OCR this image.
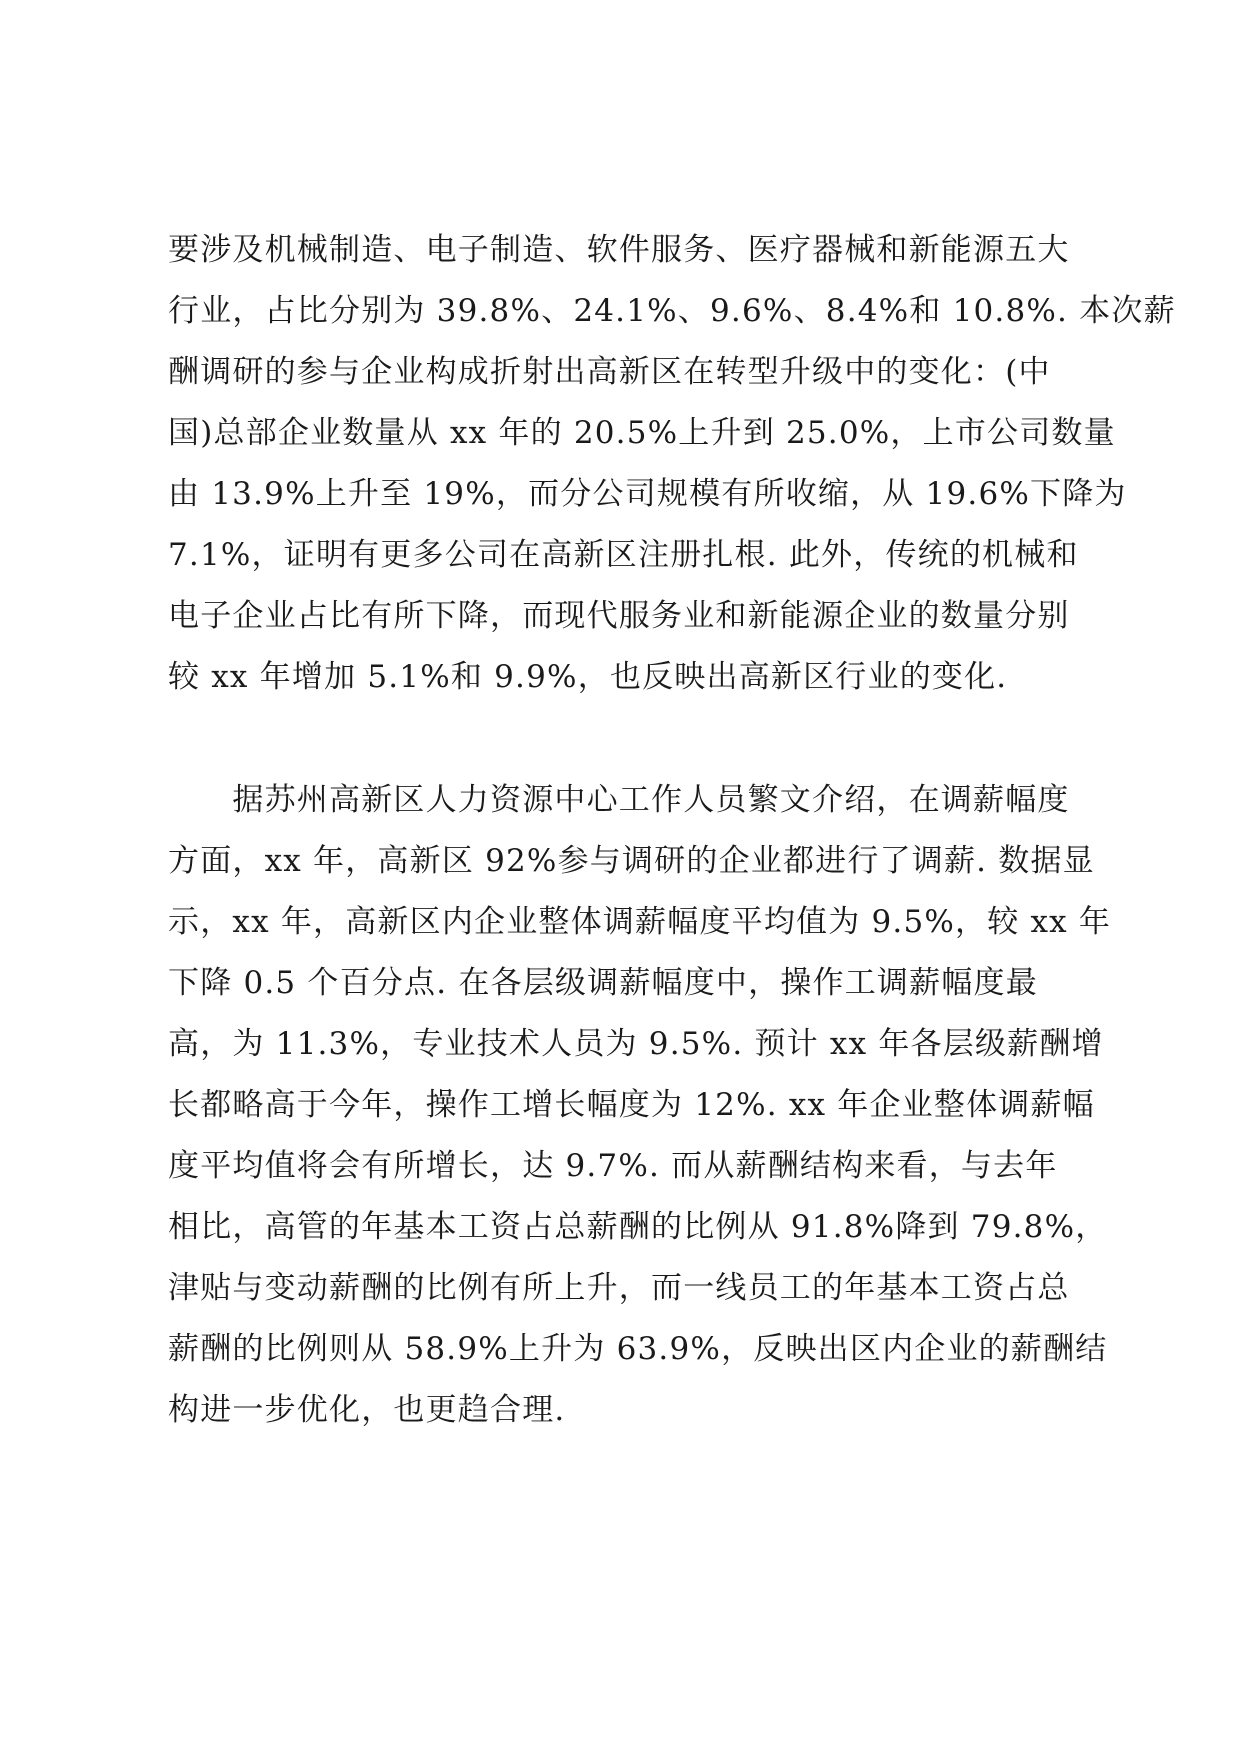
要涉及机械制造、电子制造、软件服务、医疗器械和新能源五大
行业，占比分别为 39.8%、24.1%、9.6%、8.4%和 10.8%. 本次薪
酬调研的参与企业构成折射出高新区在转型升级中的变化：(中
国)总部企业数量从 xx 年的 20.5%上升到 25.0%，上市公司数量
由 13.9%上升至 19%，而分公司规模有所收缩，从 19.6%下降为
7.1%，证明有更多公司在高新区注册扎根. 此外，传统的机械和
电子企业占比有所下降，而现代服务业和新能源企业的数量分别
较 xx 年增加 5.1%和 9.9%，也反映出高新区行业的变化.
　　据苏州高新区人力资源中心工作人员繁文介绍，在调薪幅度
方面，xx 年，高新区 92%参与调研的企业都进行了调薪. 数据显
示，xx 年，高新区内企业整体调薪幅度平均值为 9.5%，较 xx 年
下降 0.5 个百分点. 在各层级调薪幅度中，操作工调薪幅度最
高，为 11.3%，专业技术人员为 9.5%. 预计 xx 年各层级薪酬增
长都略高于今年，操作工增长幅度为 12%. xx 年企业整体调薪幅
度平均值将会有所增长，达 9.7%. 而从薪酬结构来看，与去年
相比，高管的年基本工资占总薪酬的比例从 91.8%降到 79.8%，
津贴与变动薪酬的比例有所上升，而一线员工的年基本工资占总
薪酬的比例则从 58.9%上升为 63.9%，反映出区内企业的薪酬结
构进一步优化，也更趋合理.
